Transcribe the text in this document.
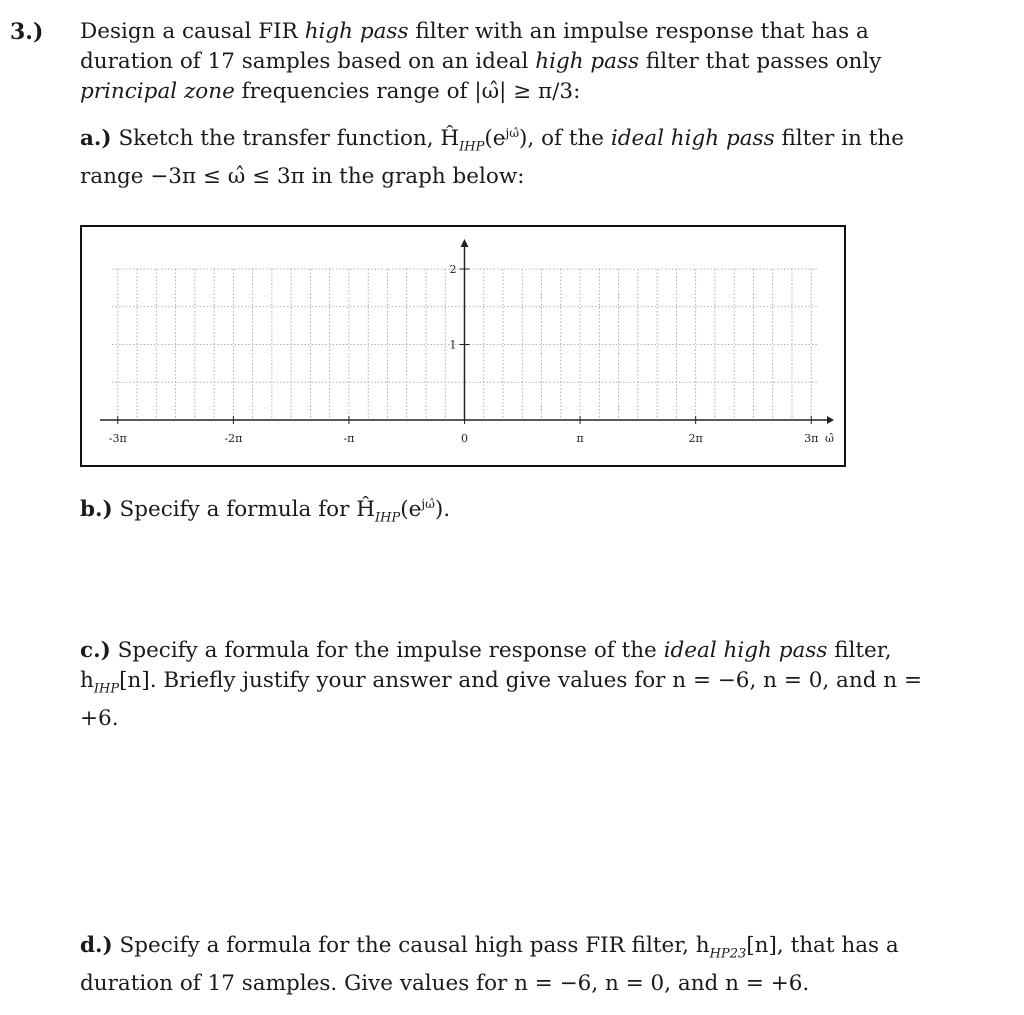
3.) Design a causal FIR high pass filter with an impulse response that has a duration of 17 samples based on an ideal high pass filter that passes only principal zone frequencies range of |ω̂| ≥ π/3:
a.) Sketch the transfer function, $Ĥ_{IHP}(e^{j\omegâ})$, of the ideal high pass filter in the range −3π ≤ ω̂ ≤ 3π in the graph below:
-3π	-2π	-π	0	π	2π	3π ω̂
1
2
b.) Specify a formula for $Ĥ_{IHP}(e^{j\omegâ})$.
c.) Specify a formula for the impulse response of the ideal high pass filter, $h_{IHP}[n]$. Briefly justify your answer and give values for n = −6, n = 0, and n = +6.
d.) Specify a formula for the causal high pass FIR filter, $h_{HP23}[n]$, that has a duration of 17 samples. Give values for n = −6, n = 0, and n = +6.
